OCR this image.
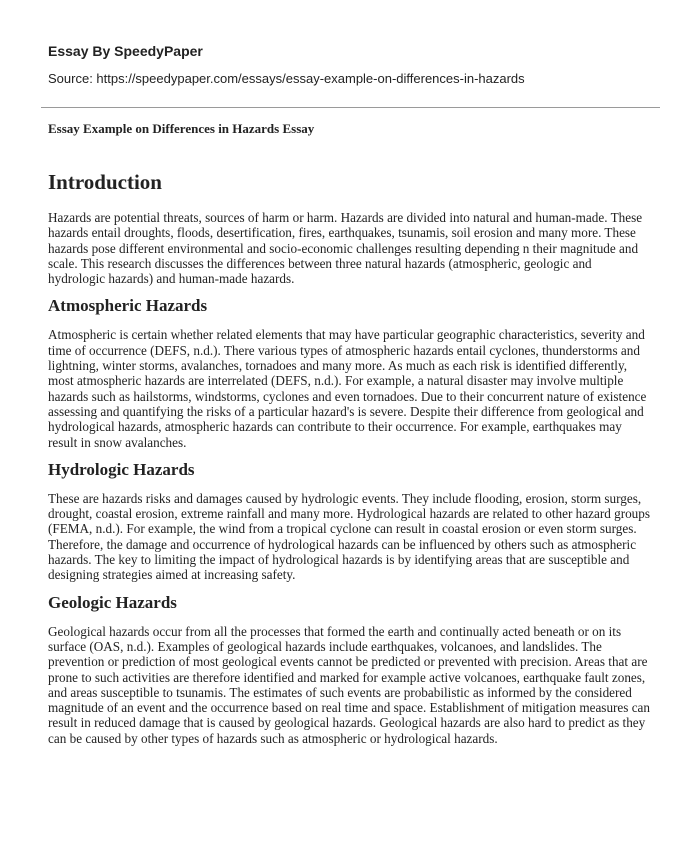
Essay By SpeedyPaper
Source: https://speedypaper.com/essays/essay-example-on-differences-in-hazards
Essay Example on Differences in Hazards Essay
Introduction

Hazards are potential threats, sources of harm or harm. Hazards are divided into natural and human-made. These hazards entail droughts, floods, desertification, fires, earthquakes, tsunamis, soil erosion and many more. These hazards pose different environmental and socio-economic challenges resulting depending n their magnitude and scale. This research discusses the differences between three natural hazards (atmospheric, geologic and hydrologic hazards) and human-made hazards.

Atmospheric Hazards

Atmospheric is certain whether related elements that may have particular geographic characteristics, severity and time of occurrence (DEFS, n.d.). There various types of atmospheric hazards entail cyclones, thunderstorms and lightning, winter storms, avalanches, tornadoes and many more. As much as each risk is identified differently, most atmospheric hazards are interrelated (DEFS, n.d.). For example, a natural disaster may involve multiple hazards such as hailstorms, windstorms, cyclones and even tornadoes. Due to their concurrent nature of existence assessing and quantifying the risks of a particular hazard's is severe. Despite their difference from geological and hydrological hazards, atmospheric hazards can contribute to their occurrence. For example, earthquakes may result in snow avalanches.

Hydrologic Hazards

These are hazards risks and damages caused by hydrologic events. They include flooding, erosion, storm surges, drought, coastal erosion, extreme rainfall and many more. Hydrological hazards are related to other hazard groups (FEMA, n.d.). For example, the wind from a tropical cyclone can result in coastal erosion or even storm surges. Therefore, the damage and occurrence of hydrological hazards can be influenced by others such as atmospheric hazards. The key to limiting the impact of hydrological hazards is by identifying areas that are susceptible and designing strategies aimed at increasing safety.

Geologic Hazards

Geological hazards occur from all the processes that formed the earth and continually acted beneath or on its surface (OAS, n.d.). Examples of geological hazards include earthquakes, volcanoes, and landslides. The prevention or prediction of most geological events cannot be predicted or prevented with precision. Areas that are prone to such activities are therefore identified and marked for example active volcanoes, earthquake fault zones, and areas susceptible to tsunamis. The estimates of such events are probabilistic as informed by the considered magnitude of an event and the occurrence based on real time and space. Establishment of mitigation measures can result in reduced damage that is caused by geological hazards. Geological hazards are also hard to predict as they can be caused by other types of hazards such as atmospheric or hydrological hazards.
